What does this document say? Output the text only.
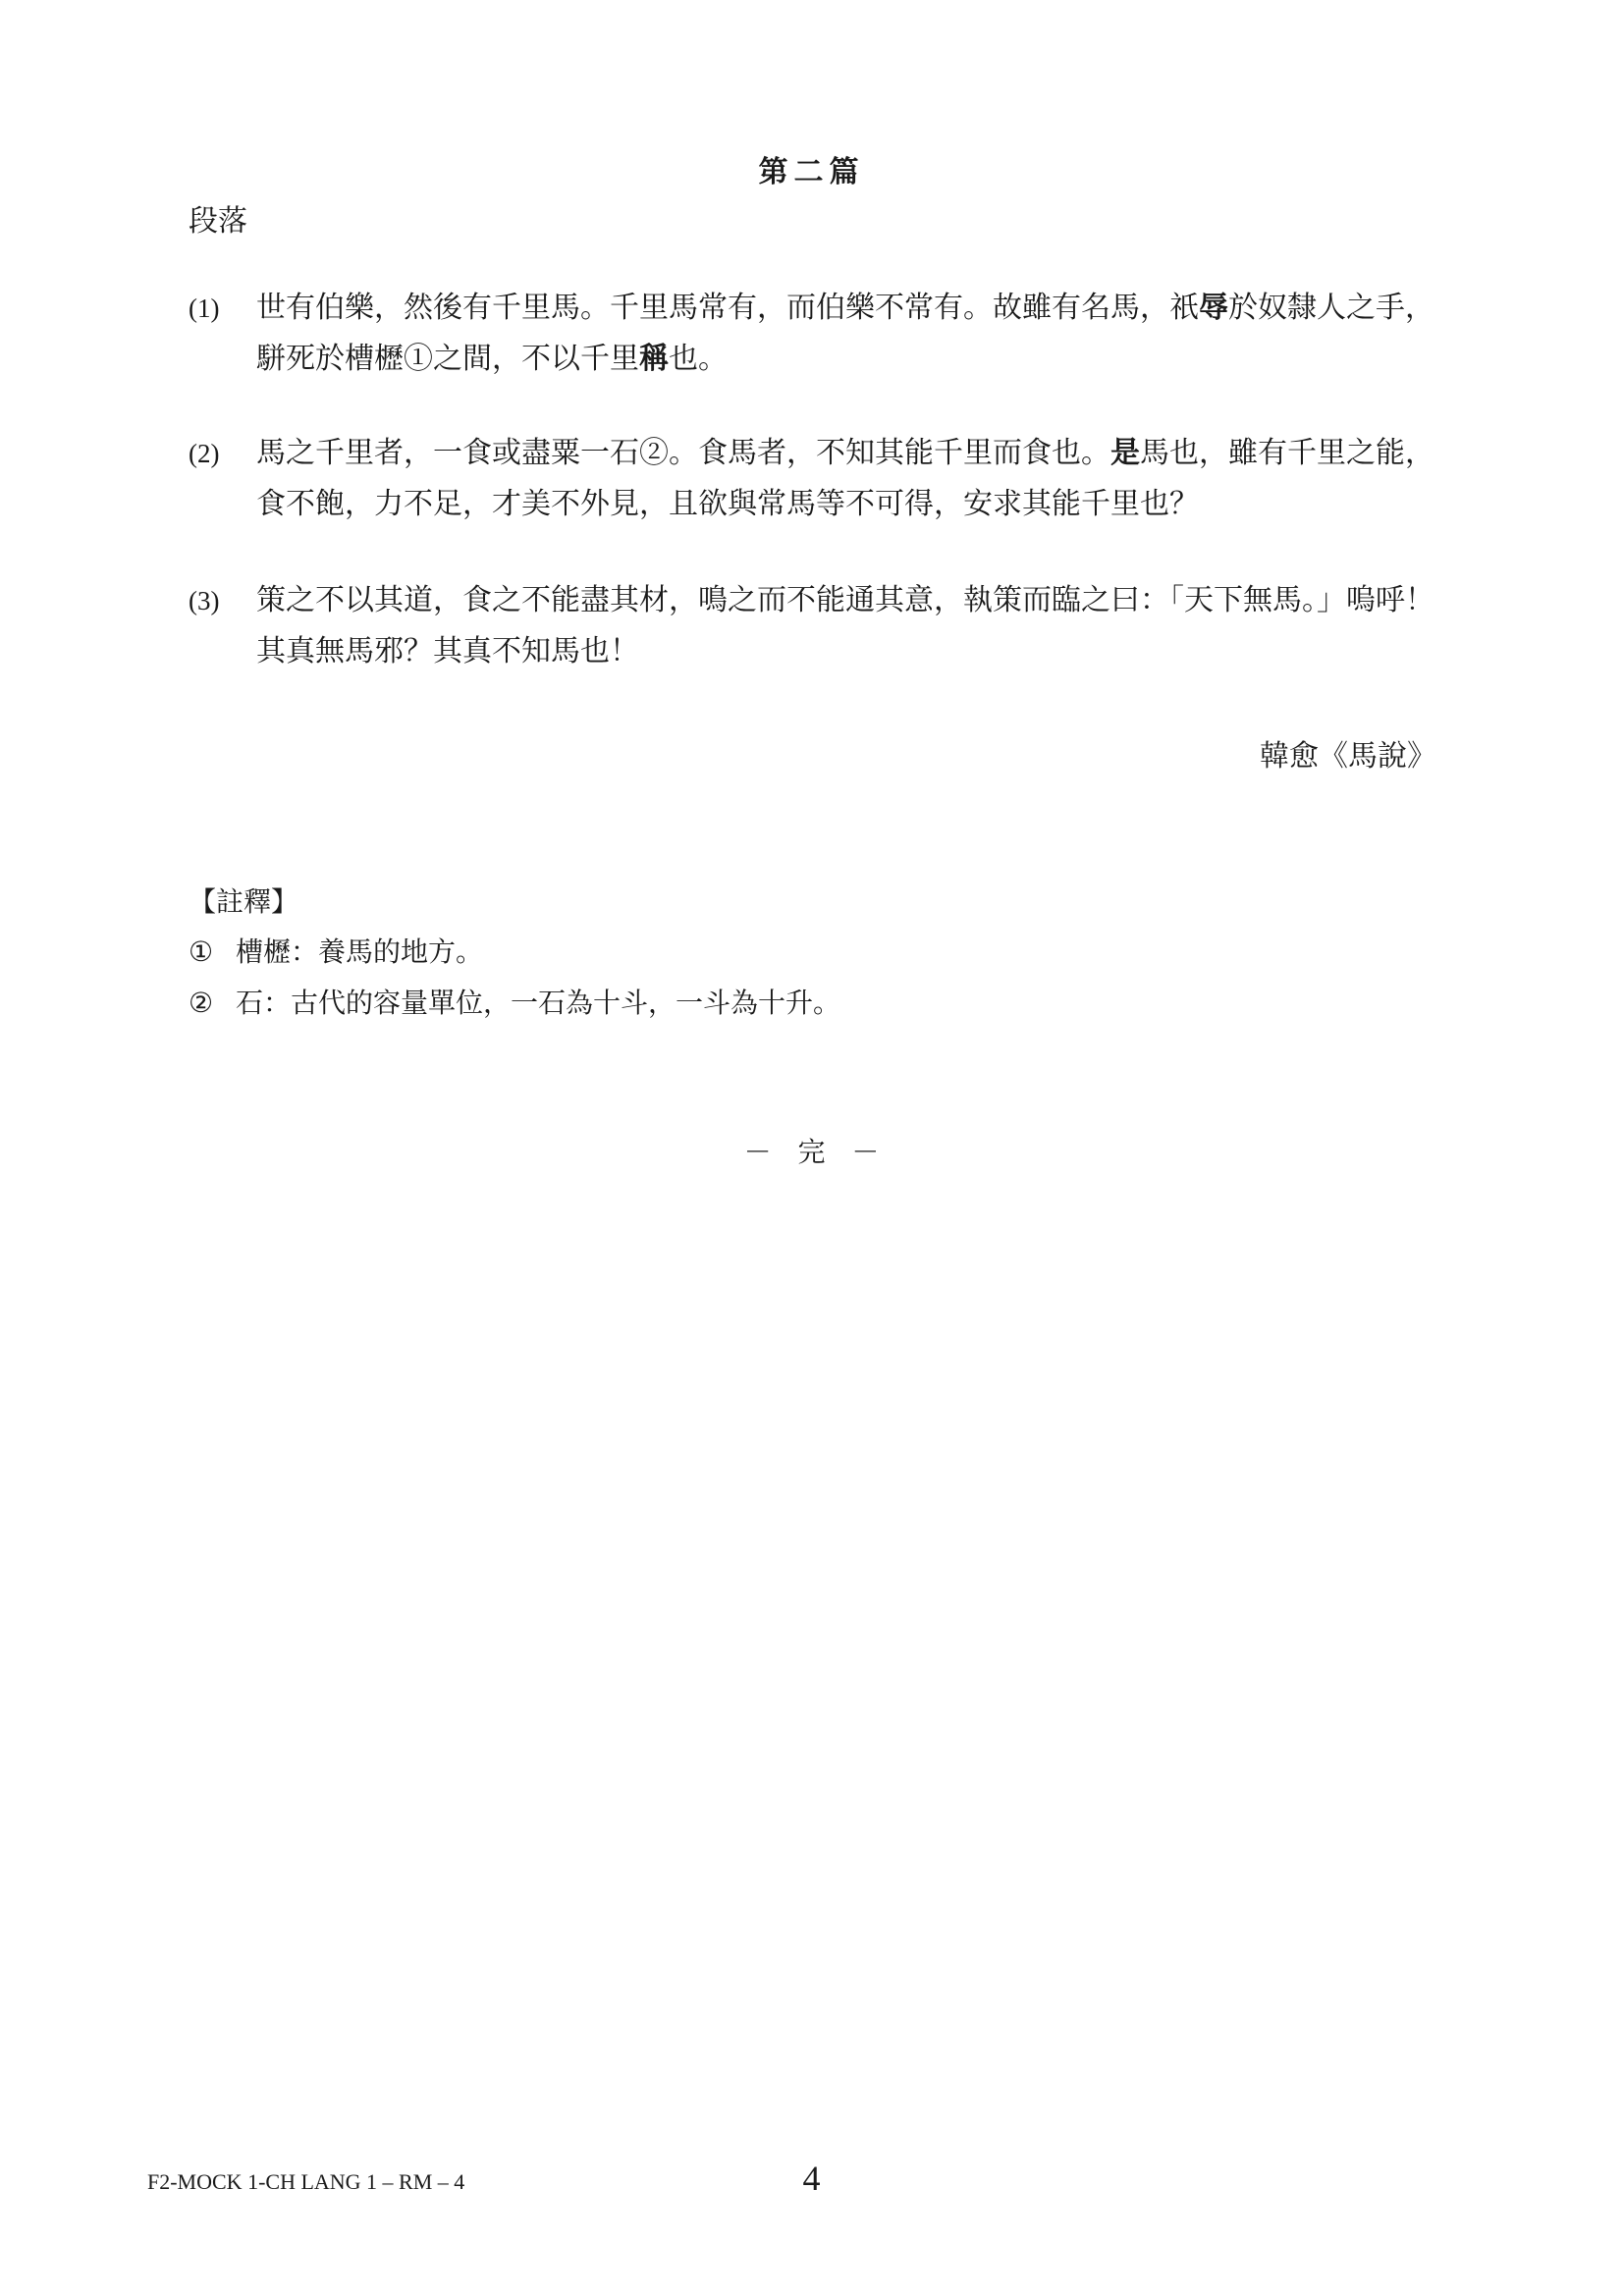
第二篇
段落
(1) 世有伯樂，然後有千里馬。千里馬常有，而伯樂不常有。故雖有名馬，祇辱於奴隸人之手，駢死於槽櫪①之間，不以千里稱也。
(2) 馬之千里者，一食或盡粟一石②。食馬者，不知其能千里而食也。是馬也，雖有千里之能，食不飽，力不足，才美不外見，且欲與常馬等不可得，安求其能千里也？
(3) 策之不以其道，食之不能盡其材，鳴之而不能通其意，執策而臨之曰：「天下無馬。」嗚呼！其真無馬邪？其真不知馬也！
韓愈《馬說》
【註釋】
① 槽櫪：養馬的地方。
② 石：古代的容量單位，一石為十斗，一斗為十升。
－ 完 －
F2-MOCK 1-CH LANG 1 – RM – 4	4
